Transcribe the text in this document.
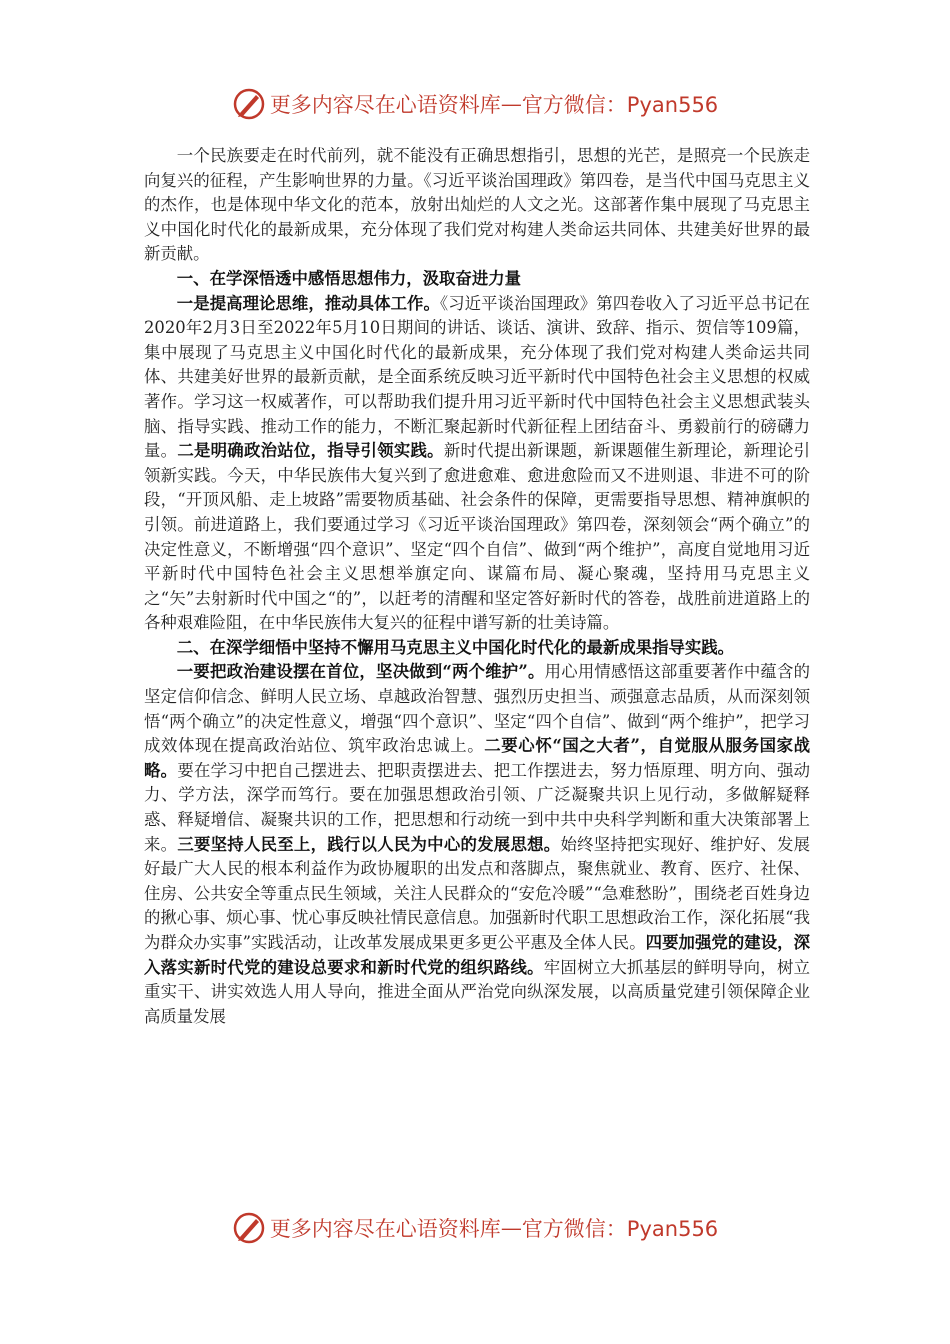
更多内容尽在心语资料库 — 官方微信：Pyan556

一个民族要走在时代前列，就不能没有正确思想指引，思想的光芒，是照亮一个民族走向复兴的征程，产生影响世界的力量。《习近平谈治国理政》第四卷，是当代中国马克思主义的杰作，也是体现中华文化的范本，放射出灿烂的人文之光。这部著作集中展现了马克思主义中国化时代化的最新成果，充分体现了我们党对构建人类命运共同体、共建美好世界的最新贡献。

一、在学深悟透中感悟思想伟力，汲取奋进力量

一是提高理论思维，推动具体工作。《习近平谈治国理政》第四卷收入了习近平总书记在2020年2月3日至2022年5月10日期间的讲话、谈话、演讲、致辞、指示、贺信等109篇，集中展现了马克思主义中国化时代化的最新成果，充分体现了我们党对构建人类命运共同体、共建美好世界的最新贡献，是全面系统反映习近平新时代中国特色社会主义思想的权威著作。学习这一权威著作，可以帮助我们提升用习近平新时代中国特色社会主义思想武装头脑、指导实践、推动工作的能力，不断汇聚起新时代新征程上团结奋斗、勇毅前行的磅礴力量。二是明确政治站位，指导引领实践。新时代提出新课题，新课题催生新理论，新理论引领新实践。今天，中华民族伟大复兴到了愈进愈难、愈进愈险而又不进则退、非进不可的阶段，“开顶风船、走上坡路”需要物质基础、社会条件的保障，更需要指导思想、精神旗帜的引领。前进道路上，我们要通过学习《习近平谈治国理政》第四卷，深刻领会“两个确立”的决定性意义，不断增强“四个意识”、坚定“四个自信”、做到“两个维护”，高度自觉地用习近平新时代中国特色社会主义思想举旗定向、谋篇布局、凝心聚魂，坚持用马克思主义之“矢”去射新时代中国之“的”，以赶考的清醒和坚定答好新时代的答卷，战胜前进道路上的各种艰难险阻，在中华民族伟大复兴的征程中谱写新的壮美诗篇。

二、在深学细悟中坚持不懈用马克思主义中国化时代化的最新成果指导实践。

一要把政治建设摆在首位，坚决做到“两个维护”。用心用情感悟这部重要著作中蕴含的坚定信仰信念、鲜明人民立场、卓越政治智慧、强烈历史担当、顽强意志品质，从而深刻领悟“两个确立”的决定性意义，增强“四个意识”、坚定“四个自信”、做到“两个维护”，把学习成效体现在提高政治站位、筑牢政治忠诚上。二要心怀“国之大者”，自觉服从服务国家战略。要在学习中把自己摆进去、把职责摆进去、把工作摆进去，努力悟原理、明方向、强动力、学方法，深学而笃行。要在加强思想政治引领、广泛凝聚共识上见行动，多做解疑释惑、释疑增信、凝聚共识的工作，把思想和行动统一到中共中央科学判断和重大决策部署上来。三要坚持人民至上，践行以人民为中心的发展思想。始终坚持把实现好、维护好、发展好最广大人民的根本利益作为政协履职的出发点和落脚点，聚焦就业、教育、医疗、社保、住房、公共安全等重点民生领域，关注人民群众的“安危冷暖”“急难愁盼”，围绕老百姓身边的揪心事、烦心事、忧心事反映社情民意信息。加强新时代职工思想政治工作，深化拓展“我为群众办实事”实践活动，让改革发展成果更多更公平惠及全体人民。四要加强党的建设，深入落实新时代党的建设总要求和新时代党的组织路线。牢固树立大抓基层的鲜明导向，树立重实干、讲实效选人用人导向，推进全面从严治党向纵深发展，以高质量党建引领保障企业高质量发展

更多内容尽在心语资料库 — 官方微信：Pyan556
